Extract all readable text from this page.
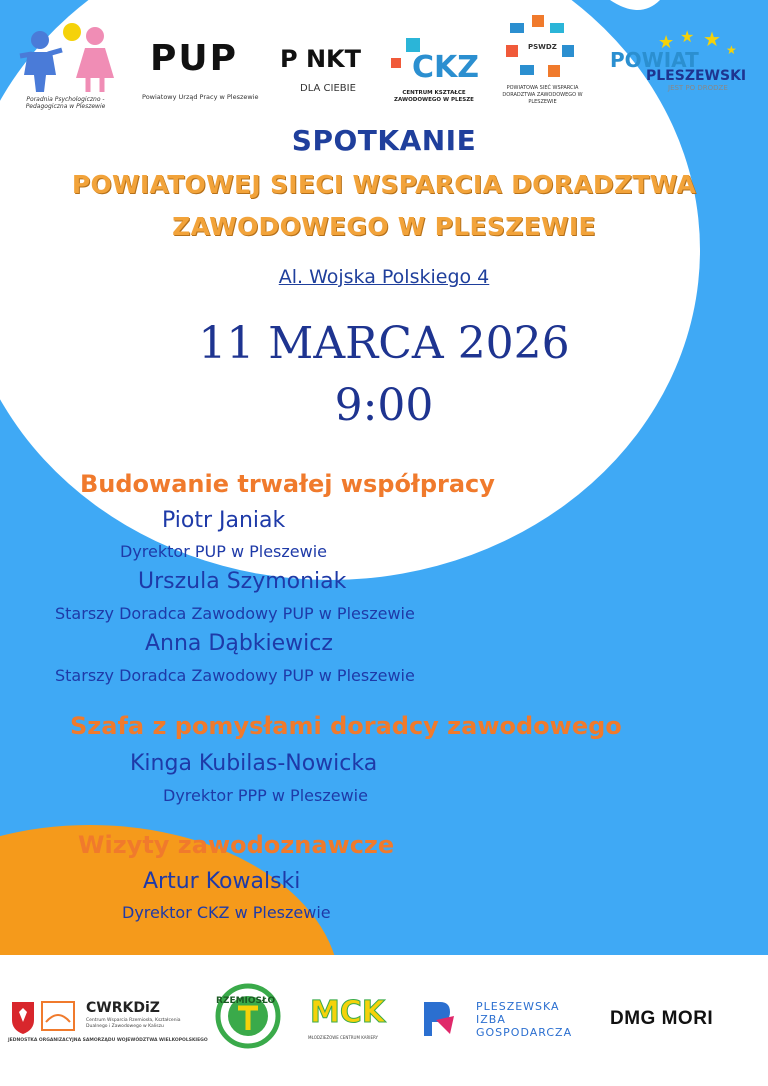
Poradnia Psychologiczno - Pedagogiczna w Pleszewie
PUP
Powiatowy Urząd Pracy w Pleszewie
P NKT
DLA CIEBIE
CKZ
CENTRUM KSZTAŁCE ZAWODOWEGO W PLESZE
PSWDZ
POWIATOWA SIEĆ WSPARCIA DORADZTWA ZAWODOWEGO W PLESZEWIE
★ ★ ★ ★
POWIAT
PLESZEWSKI
JEST PO DRODZE
SPOTKANIE
POWIATOWEJ SIECI WSPARCIA DORADZTWA
ZAWODOWEGO W PLESZEWIE
Al. Wojska Polskiego 4
11 MARCA 2026
9:00
Budowanie trwałej współpracy
Piotr Janiak
Dyrektor PUP w Pleszewie
Urszula Szymoniak
Starszy Doradca Zawodowy PUP w Pleszewie
Anna Dąbkiewicz
Starszy Doradca Zawodowy PUP w Pleszewie
Szafa z pomysłami doradcy zawodowego
Kinga Kubilas-Nowicka
Dyrektor PPP w Pleszewie
Wizyty zawodoznawcze
Artur Kowalski
Dyrektor CKZ w Pleszewie
CWRKDiZ
Centrum Wsparcia Rzemiosła, Kształcenia Dualnego i Zawodowego w Kaliszu
JEDNOSTKA ORGANIZACYJNA SAMORZĄDU WOJEWÓDZTWA WIELKOPOLSKIEGO
RZEMIOSŁO MCK
MŁODZIEŻOWE CENTRUM KARIERY
PLESZEWSKA
IZBA
GOSPODARCZA
DMG MORI
